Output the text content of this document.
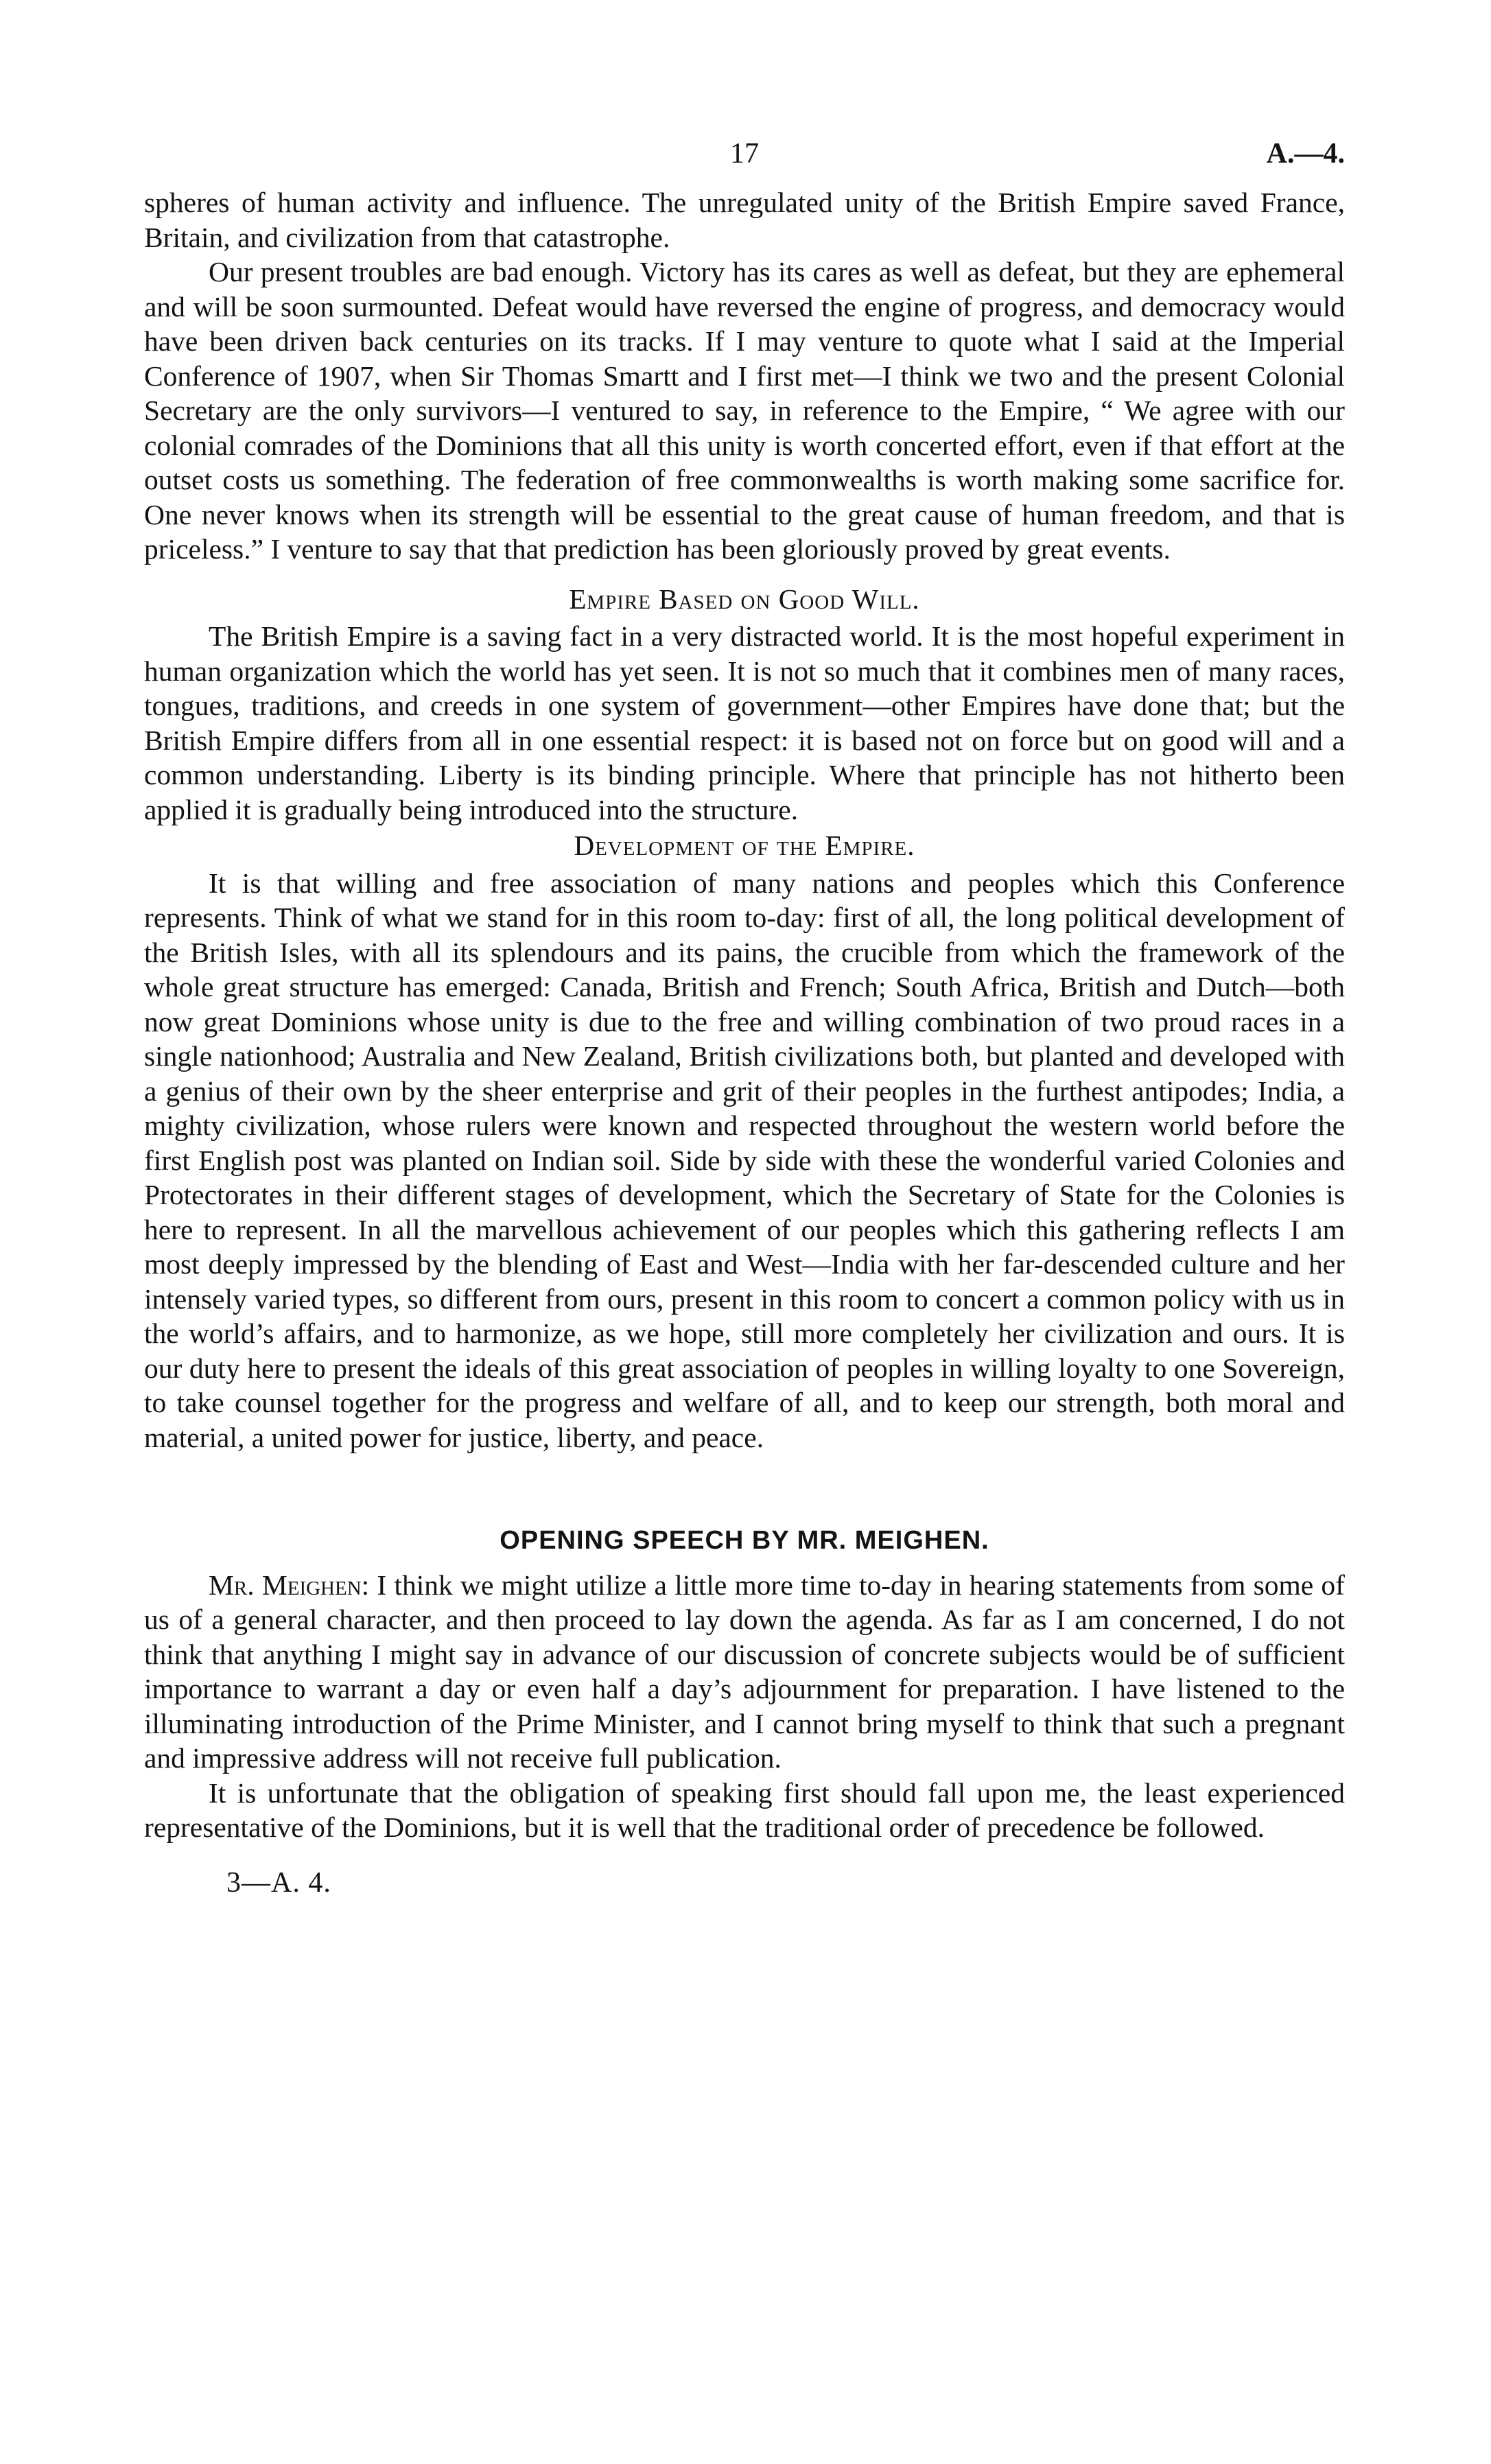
17	A.—4.

spheres of human activity and influence. The unregulated unity of the British Empire saved France, Britain, and civilization from that catastrophe.

Our present troubles are bad enough. Victory has its cares as well as defeat, but they are ephemeral and will be soon surmounted. Defeat would have reversed the engine of progress, and democracy would have been driven back centuries on its tracks. If I may venture to quote what I said at the Imperial Conference of 1907, when Sir Thomas Smartt and I first met—I think we two and the present Colonial Secretary are the only survivors—I ventured to say, in reference to the Empire, “ We agree with our colonial comrades of the Dominions that all this unity is worth concerted effort, even if that effort at the outset costs us something. The federation of free commonwealths is worth making some sacrifice for. One never knows when its strength will be essential to the great cause of human freedom, and that is priceless.” I venture to say that that prediction has been gloriously proved by great events.

Empire Based on Good Will.

The British Empire is a saving fact in a very distracted world. It is the most hopeful experiment in human organization which the world has yet seen. It is not so much that it combines men of many races, tongues, traditions, and creeds in one system of government—other Empires have done that; but the British Empire differs from all in one essential respect: it is based not on force but on good will and a common understanding. Liberty is its binding principle. Where that principle has not hitherto been applied it is gradually being introduced into the structure.

Development of the Empire.

It is that willing and free association of many nations and peoples which this Conference represents. Think of what we stand for in this room to-day: first of all, the long political development of the British Isles, with all its splendours and its pains, the crucible from which the framework of the whole great structure has emerged: Canada, British and French; South Africa, British and Dutch—both now great Dominions whose unity is due to the free and willing combination of two proud races in a single nationhood; Australia and New Zealand, British civilizations both, but planted and developed with a genius of their own by the sheer enterprise and grit of their peoples in the furthest antipodes; India, a mighty civilization, whose rulers were known and respected throughout the western world before the first English post was planted on Indian soil. Side by side with these the wonderful varied Colonies and Protectorates in their different stages of development, which the Secretary of State for the Colonies is here to represent. In all the marvellous achievement of our peoples which this gathering reflects I am most deeply impressed by the blending of East and West—India with her far-descended culture and her intensely varied types, so different from ours, present in this room to concert a common policy with us in the world’s affairs, and to harmonize, as we hope, still more completely her civilization and ours. It is our duty here to present the ideals of this great association of peoples in willing loyalty to one Sovereign, to take counsel together for the progress and welfare of all, and to keep our strength, both moral and material, a united power for justice, liberty, and peace.

OPENING SPEECH BY MR. MEIGHEN.

Mr. Meighen: I think we might utilize a little more time to-day in hearing statements from some of us of a general character, and then proceed to lay down the agenda. As far as I am concerned, I do not think that anything I might say in advance of our discussion of concrete subjects would be of sufficient importance to warrant a day or even half a day’s adjournment for preparation. I have listened to the illuminating introduction of the Prime Minister, and I cannot bring myself to think that such a pregnant and impressive address will not receive full publication.

It is unfortunate that the obligation of speaking first should fall upon me, the least experienced representative of the Dominions, but it is well that the traditional order of precedence be followed.

3—A. 4.
